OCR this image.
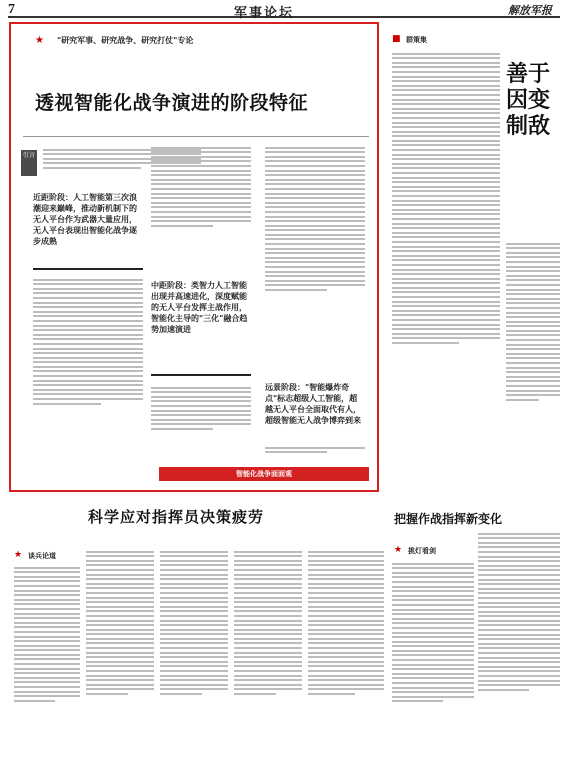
7	军事论坛	解放军报
★	"研究军事、研究战争、研究打仗"专论
透视智能化战争演进的阶段特征
引言
近距阶段：人工智能第三次浪潮迎来巅峰，推动新机制下的无人平台作为武器大量应用，无人平台表现出智能化战争逐步成熟
中距阶段：类智力人工智能出现并高速进化，深度赋能的无人平台发挥主战作用，智能化主导的"三化"融合趋势加速演进
远景阶段："智能爆炸奇点"标志超级人工智能，超越无人平台全面取代有人，超级智能无人战争博弈到来
智能化战争面面观
■ 群策集
善于因变制敌
把握作战指挥新变化
★ 挑灯看剑
科学应对指挥员决策疲劳
★ 谈兵论道
